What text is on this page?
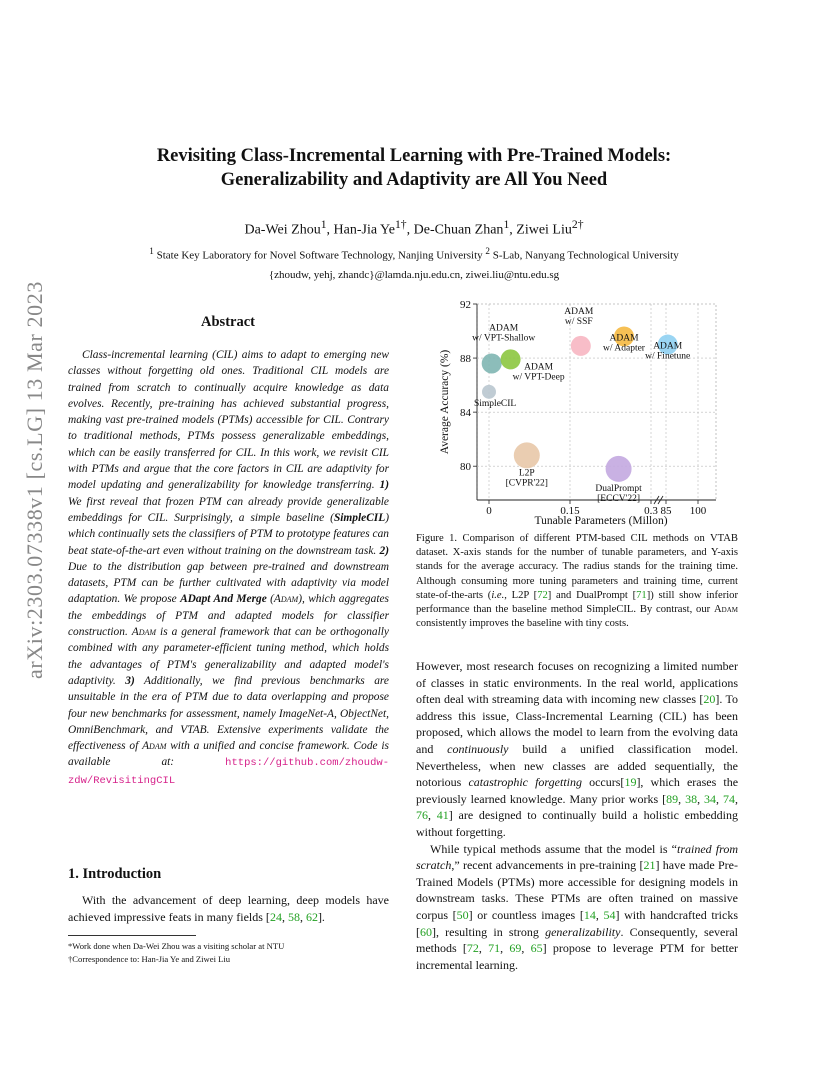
arXiv:2303.07338v1 [cs.LG] 13 Mar 2023
Revisiting Class-Incremental Learning with Pre-Trained Models:
Generalizability and Adaptivity are All You Need
Da-Wei Zhou$^1$, Han-Jia $Ye^{1\dagger}$, De-Chuan Zhan$^1$, Ziwei Liu$^{2\dagger}$
$^1$ State Key Laboratory for Novel Software Technology, Nanjing University $^2$ S-Lab, Nanyang Technological University
{zhoudw, yehj, zhandc}@lamda.nju.edu.cn, ziwei.liu@ntu.edu.sg
Abstract
Class-incremental learning (CIL) aims to adapt to emerging new classes without forgetting old ones. Traditional CIL models are trained from scratch to continually acquire knowledge as data evolves. Recently, pre-training has achieved substantial progress, making vast pre-trained models (PTMs) accessible for CIL. Contrary to traditional methods, PTMs possess generalizable embeddings, which can be easily transferred for CIL. In this work, we revisit CIL with PTMs and argue that the core factors in CIL are adaptivity for model updating and generalizability for knowledge transferring. 1) We first reveal that frozen PTM can already provide generalizable embeddings for CIL. Surprisingly, a simple baseline (SimpleCIL) which continually sets the classifiers of PTM to prototype features can beat state-of-the-art even without training on the downstream task. 2) Due to the distribution gap between pre-trained and downstream datasets, PTM can be further cultivated with adaptivity via model adaptation. We propose ADapt And Merge (Adam), which aggregates the embeddings of PTM and adapted models for classifier construction. Adam is a general framework that can be orthogonally combined with any parameter-efficient tuning method, which holds the advantages of PTM's generalizability and adapted model's adaptivity. 3) Additionally, we find previous benchmarks are unsuitable in the era of PTM due to data overlapping and propose four new benchmarks for assessment, namely ImageNet-A, ObjectNet, OmniBenchmark, and VTAB. Extensive experiments validate the effectiveness of Adam with a unified and concise framework. Code is available at:	https://github.com/zhoudw-zdw/RevisitingCIL
1. Introduction
With the advancement of deep learning, deep models have achieved impressive feats in many fields [24, 58, 62].
*Work done when Da-Wei Zhou was a visiting scholar at NTU
†Correspondence to: Han-Jia Ye and Ziwei Liu
80
84
88
92
0	0.15	0.3 85 100
Tunable Parameters (Millon)
Average Accuracy (%) SimpleCIL
ADAM
w/ VPT-Shallow
ADAM
w/ VPT-Deep
ADAM
w/ SSF
ADAM
w/ Adapter ADAM
w/ Finetune
L2P
[CVPR'22]
DualPrompt
[ECCV'22]
Figure 1. Comparison of different PTM-based CIL methods on VTAB dataset. X-axis stands for the number of tunable parameters, and Y-axis stands for the average accuracy. The radius stands for the training time. Although consuming more tuning parameters and training time, current state-of-the-arts (i.e., L2P [72] and DualPrompt [71]) still show inferior performance than the baseline method SimpleCIL. By contrast, our Adam consistently improves the baseline with tiny costs.

However, most research focuses on recognizing a limited number of classes in static environments. In the real world, applications often deal with streaming data with incoming new classes [20]. To address this issue, Class-Incremental Learning (CIL) has been proposed, which allows the model to learn from the evolving data and continuously build a unified classification model. Nevertheless, when new classes are added sequentially, the notorious catastrophic forgetting occurs[19], which erases the previously learned knowledge. Many prior works [89, 38, 34, 74, 76, 41] are designed to continually build a holistic embedding without forgetting.

While typical methods assume that the model is “trained from scratch,” recent advancements in pre-training [21] have made Pre-Trained Models (PTMs) more accessible for designing models in downstream tasks. These PTMs are often trained on massive corpus [50] or countless images [14, 54] with handcrafted tricks [60], resulting in strong generalizability. Consequently, several methods [72, 71, 69, 65] propose to leverage PTM for better incremental learning.
